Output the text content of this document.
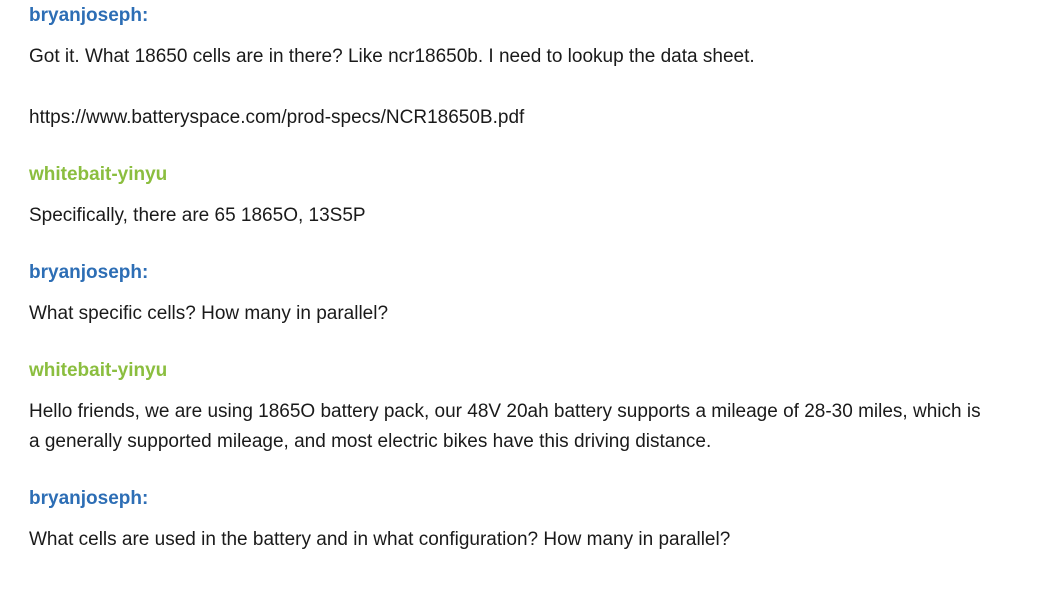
bryanjoseph:

Got it. What 18650 cells are in there? Like ncr18650b. I need to lookup the data sheet.

https://www.batteryspace.com/prod-specs/NCR18650B.pdf

whitebait-yinyu

Specifically, there are 65 1865O, 13S5P

bryanjoseph:

What specific cells? How many in parallel?

whitebait-yinyu

Hello friends, we are using 1865O battery pack, our 48V 20ah battery supports a mileage of 28-30 miles, which is a generally supported mileage, and most electric bikes have this driving distance.

bryanjoseph:

What cells are used in the battery and in what configuration? How many in parallel?
